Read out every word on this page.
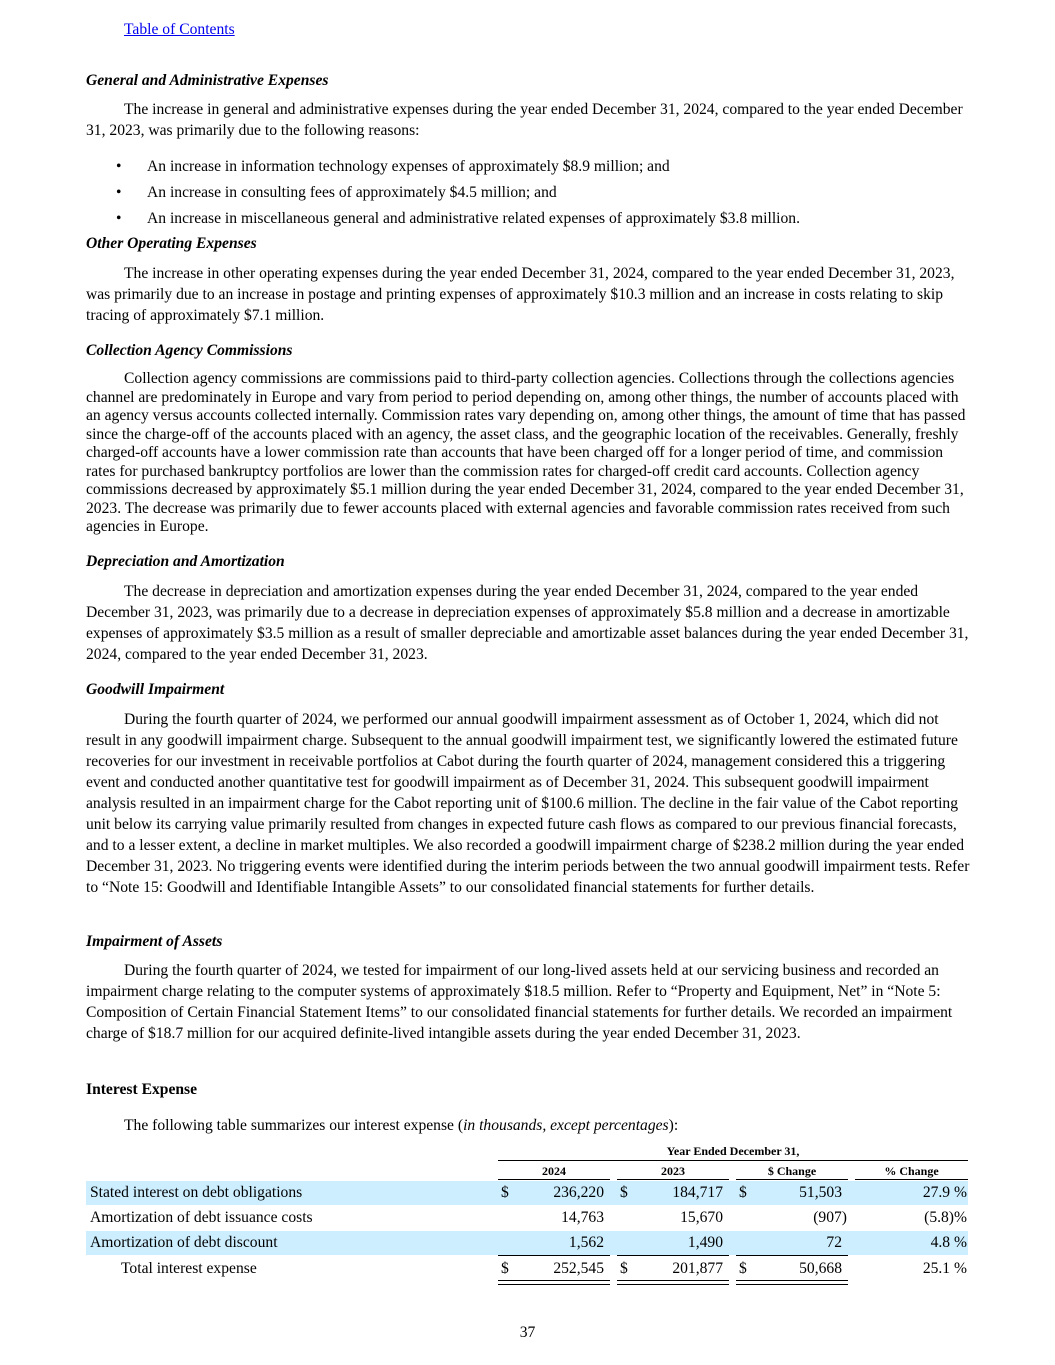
Table of Contents
General and Administrative Expenses

The increase in general and administrative expenses during the year ended December 31, 2024, compared to the year ended December 31, 2023, was primarily due to the following reasons:

• An increase in information technology expenses of approximately $8.9 million; and
• An increase in consulting fees of approximately $4.5 million; and
• An increase in miscellaneous general and administrative related expenses of approximately $3.8 million.
Other Operating Expenses

The increase in other operating expenses during the year ended December 31, 2024, compared to the year ended December 31, 2023, was primarily due to an increase in postage and printing expenses of approximately $10.3 million and an increase in costs relating to skip tracing of approximately $7.1 million.

Collection Agency Commissions

Collection agency commissions are commissions paid to third-party collection agencies. Collections through the collections agencies channel are predominately in Europe and vary from period to period depending on, among other things, the number of accounts placed with an agency versus accounts collected internally. Commission rates vary depending on, among other things, the amount of time that has passed since the charge-off of the accounts placed with an agency, the asset class, and the geographic location of the receivables. Generally, freshly charged-off accounts have a lower commission rate than accounts that have been charged off for a longer period of time, and commission rates for purchased bankruptcy portfolios are lower than the commission rates for charged-off credit card accounts. Collection agency commissions decreased by approximately $5.1 million during the year ended December 31, 2024, compared to the year ended December 31, 2023. The decrease was primarily due to fewer accounts placed with external agencies and favorable commission rates received from such agencies in Europe.

Depreciation and Amortization

The decrease in depreciation and amortization expenses during the year ended December 31, 2024, compared to the year ended December 31, 2023, was primarily due to a decrease in depreciation expenses of approximately $5.8 million and a decrease in amortizable expenses of approximately $3.5 million as a result of smaller depreciable and amortizable asset balances during the year ended December 31, 2024, compared to the year ended December 31, 2023.

Goodwill Impairment

During the fourth quarter of 2024, we performed our annual goodwill impairment assessment as of October 1, 2024, which did not result in any goodwill impairment charge. Subsequent to the annual goodwill impairment test, we significantly lowered the estimated future recoveries for our investment in receivable portfolios at Cabot during the fourth quarter of 2024, management considered this a triggering event and conducted another quantitative test for goodwill impairment as of December 31, 2024. This subsequent goodwill impairment analysis resulted in an impairment charge for the Cabot reporting unit of $100.6 million. The decline in the fair value of the Cabot reporting unit below its carrying value primarily resulted from changes in expected future cash flows as compared to our previous financial forecasts, and to a lesser extent, a decline in market multiples. We also recorded a goodwill impairment charge of $238.2 million during the year ended December 31, 2023. No triggering events were identified during the interim periods between the two annual goodwill impairment tests. Refer to “Note 15: Goodwill and Identifiable Intangible Assets” to our consolidated financial statements for further details.

Impairment of Assets

During the fourth quarter of 2024, we tested for impairment of our long-lived assets held at our servicing business and recorded an impairment charge relating to the computer systems of approximately $18.5 million. Refer to “Property and Equipment, Net” in “Note 5: Composition of Certain Financial Statement Items” to our consolidated financial statements for further details. We recorded an impairment charge of $18.7 million for our acquired definite-lived intangible assets during the year ended December 31, 2023.

Interest Expense

The following table summarizes our interest expense (in thousands, except percentages):

Year Ended December 31,
2024	2023	$ Change	% Change
Stated interest on debt obligations	$	236,220 $	184,717 $	51,503	27.9 %
Amortization of debt issuance costs	14,763	15,670	(907)	(5.8)%
Amortization of debt discount	1,562	1,490	72	4.8 %
Total interest expense	$	252,545 $	201,877 $	50,668	25.1 %
37
